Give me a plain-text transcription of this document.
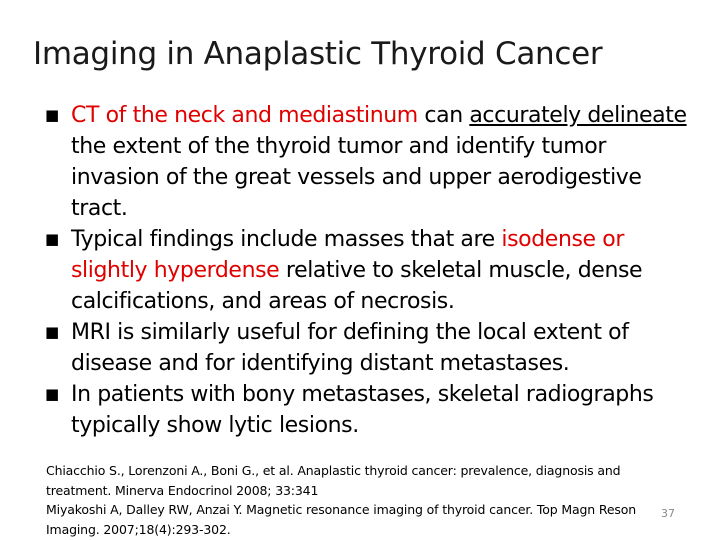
Imaging in Anaplastic Thyroid Cancer
■ CT of the neck and mediastinum can accurately delineate the extent of the thyroid tumor and identify tumor invasion of the great vessels and upper aerodigestive tract.
■ Typical findings include masses that are isodense or slightly hyperdense relative to skeletal muscle, dense calcifications, and areas of necrosis.
■ MRI is similarly useful for defining the local extent of disease and for identifying distant metastases.
■ In patients with bony metastases, skeletal radiographs typically show lytic lesions.
Chiacchio S., Lorenzoni A., Boni G., et al. Anaplastic thyroid cancer: prevalence, diagnosis and treatment. Minerva Endocrinol 2008; 33:341
Miyakoshi A, Dalley RW, Anzai Y. Magnetic resonance imaging of thyroid cancer. Top Magn Reson Imaging. 2007;18(4):293-302.
37
